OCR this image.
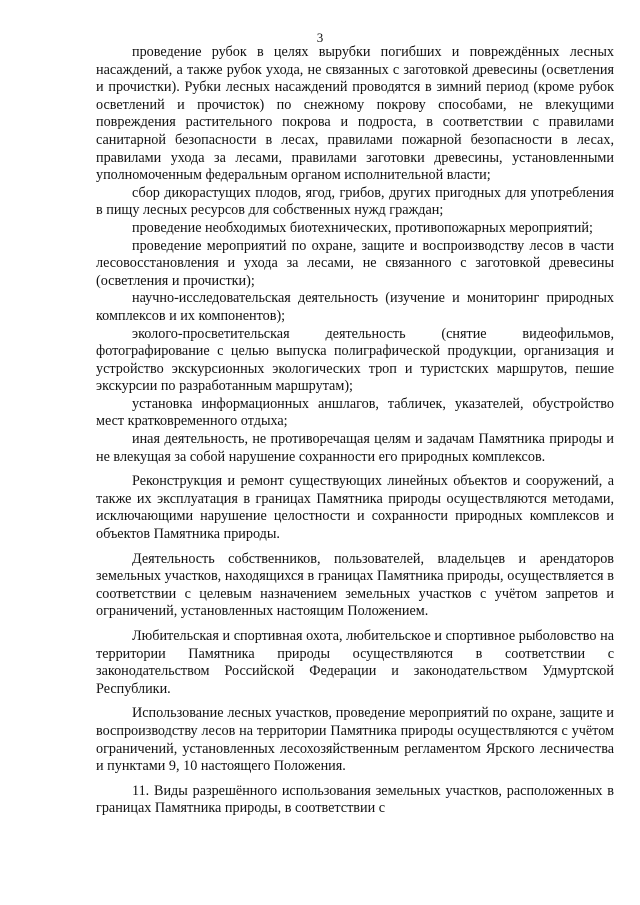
3

проведение рубок в целях вырубки погибших и повреждённых лесных насаждений, а также рубок ухода, не связанных с заготовкой древесины (осветления и прочистки). Рубки лесных насаждений проводятся в зимний период (кроме рубок осветлений и прочисток) по снежному покрову способами, не влекущими повреждения растительного покрова и подроста, в соответствии с правилами санитарной безопасности в лесах, правилами пожарной безопасности в лесах, правилами ухода за лесами, правилами заготовки древесины, установленными уполномоченным федеральным органом исполнительной власти;

сбор дикорастущих плодов, ягод, грибов, других пригодных для употребления в пищу лесных ресурсов для собственных нужд граждан;

проведение необходимых биотехнических, противопожарных мероприятий;

проведение мероприятий по охране, защите и воспроизводству лесов в части лесовосстановления и ухода за лесами, не связанного с заготовкой древесины (осветления и прочистки);

научно-исследовательская деятельность (изучение и мониторинг природных комплексов и их компонентов);

эколого-просветительская деятельность (снятие видеофильмов, фотографирование с целью выпуска полиграфической продукции, организация и устройство экскурсионных экологических троп и туристских маршрутов, пешие экскурсии по разработанным маршрутам);

установка информационных аншлагов, табличек, указателей, обустройство мест кратковременного отдыха;

иная деятельность, не противоречащая целям и задачам Памятника природы и не влекущая за собой нарушение сохранности его природных комплексов.

Реконструкция и ремонт существующих линейных объектов и сооружений, а также их эксплуатация в границах Памятника природы осуществляются методами, исключающими нарушение целостности и сохранности природных комплексов и объектов Памятника природы.

Деятельность собственников, пользователей, владельцев и арендаторов земельных участков, находящихся в границах Памятника природы, осуществляется в соответствии с целевым назначением земельных участков с учётом запретов и ограничений, установленных настоящим Положением.

Любительская и спортивная охота, любительское и спортивное рыболовство на территории Памятника природы осуществляются в соответствии с законодательством Российской Федерации и законодательством Удмуртской Республики.

Использование лесных участков, проведение мероприятий по охране, защите и воспроизводству лесов на территории Памятника природы осуществляются с учётом ограничений, установленных лесохозяйственным регламентом Ярского лесничества и пунктами 9, 10 настоящего Положения.

11. Виды разрешённого использования земельных участков, расположенных в границах Памятника природы, в соответствии с
